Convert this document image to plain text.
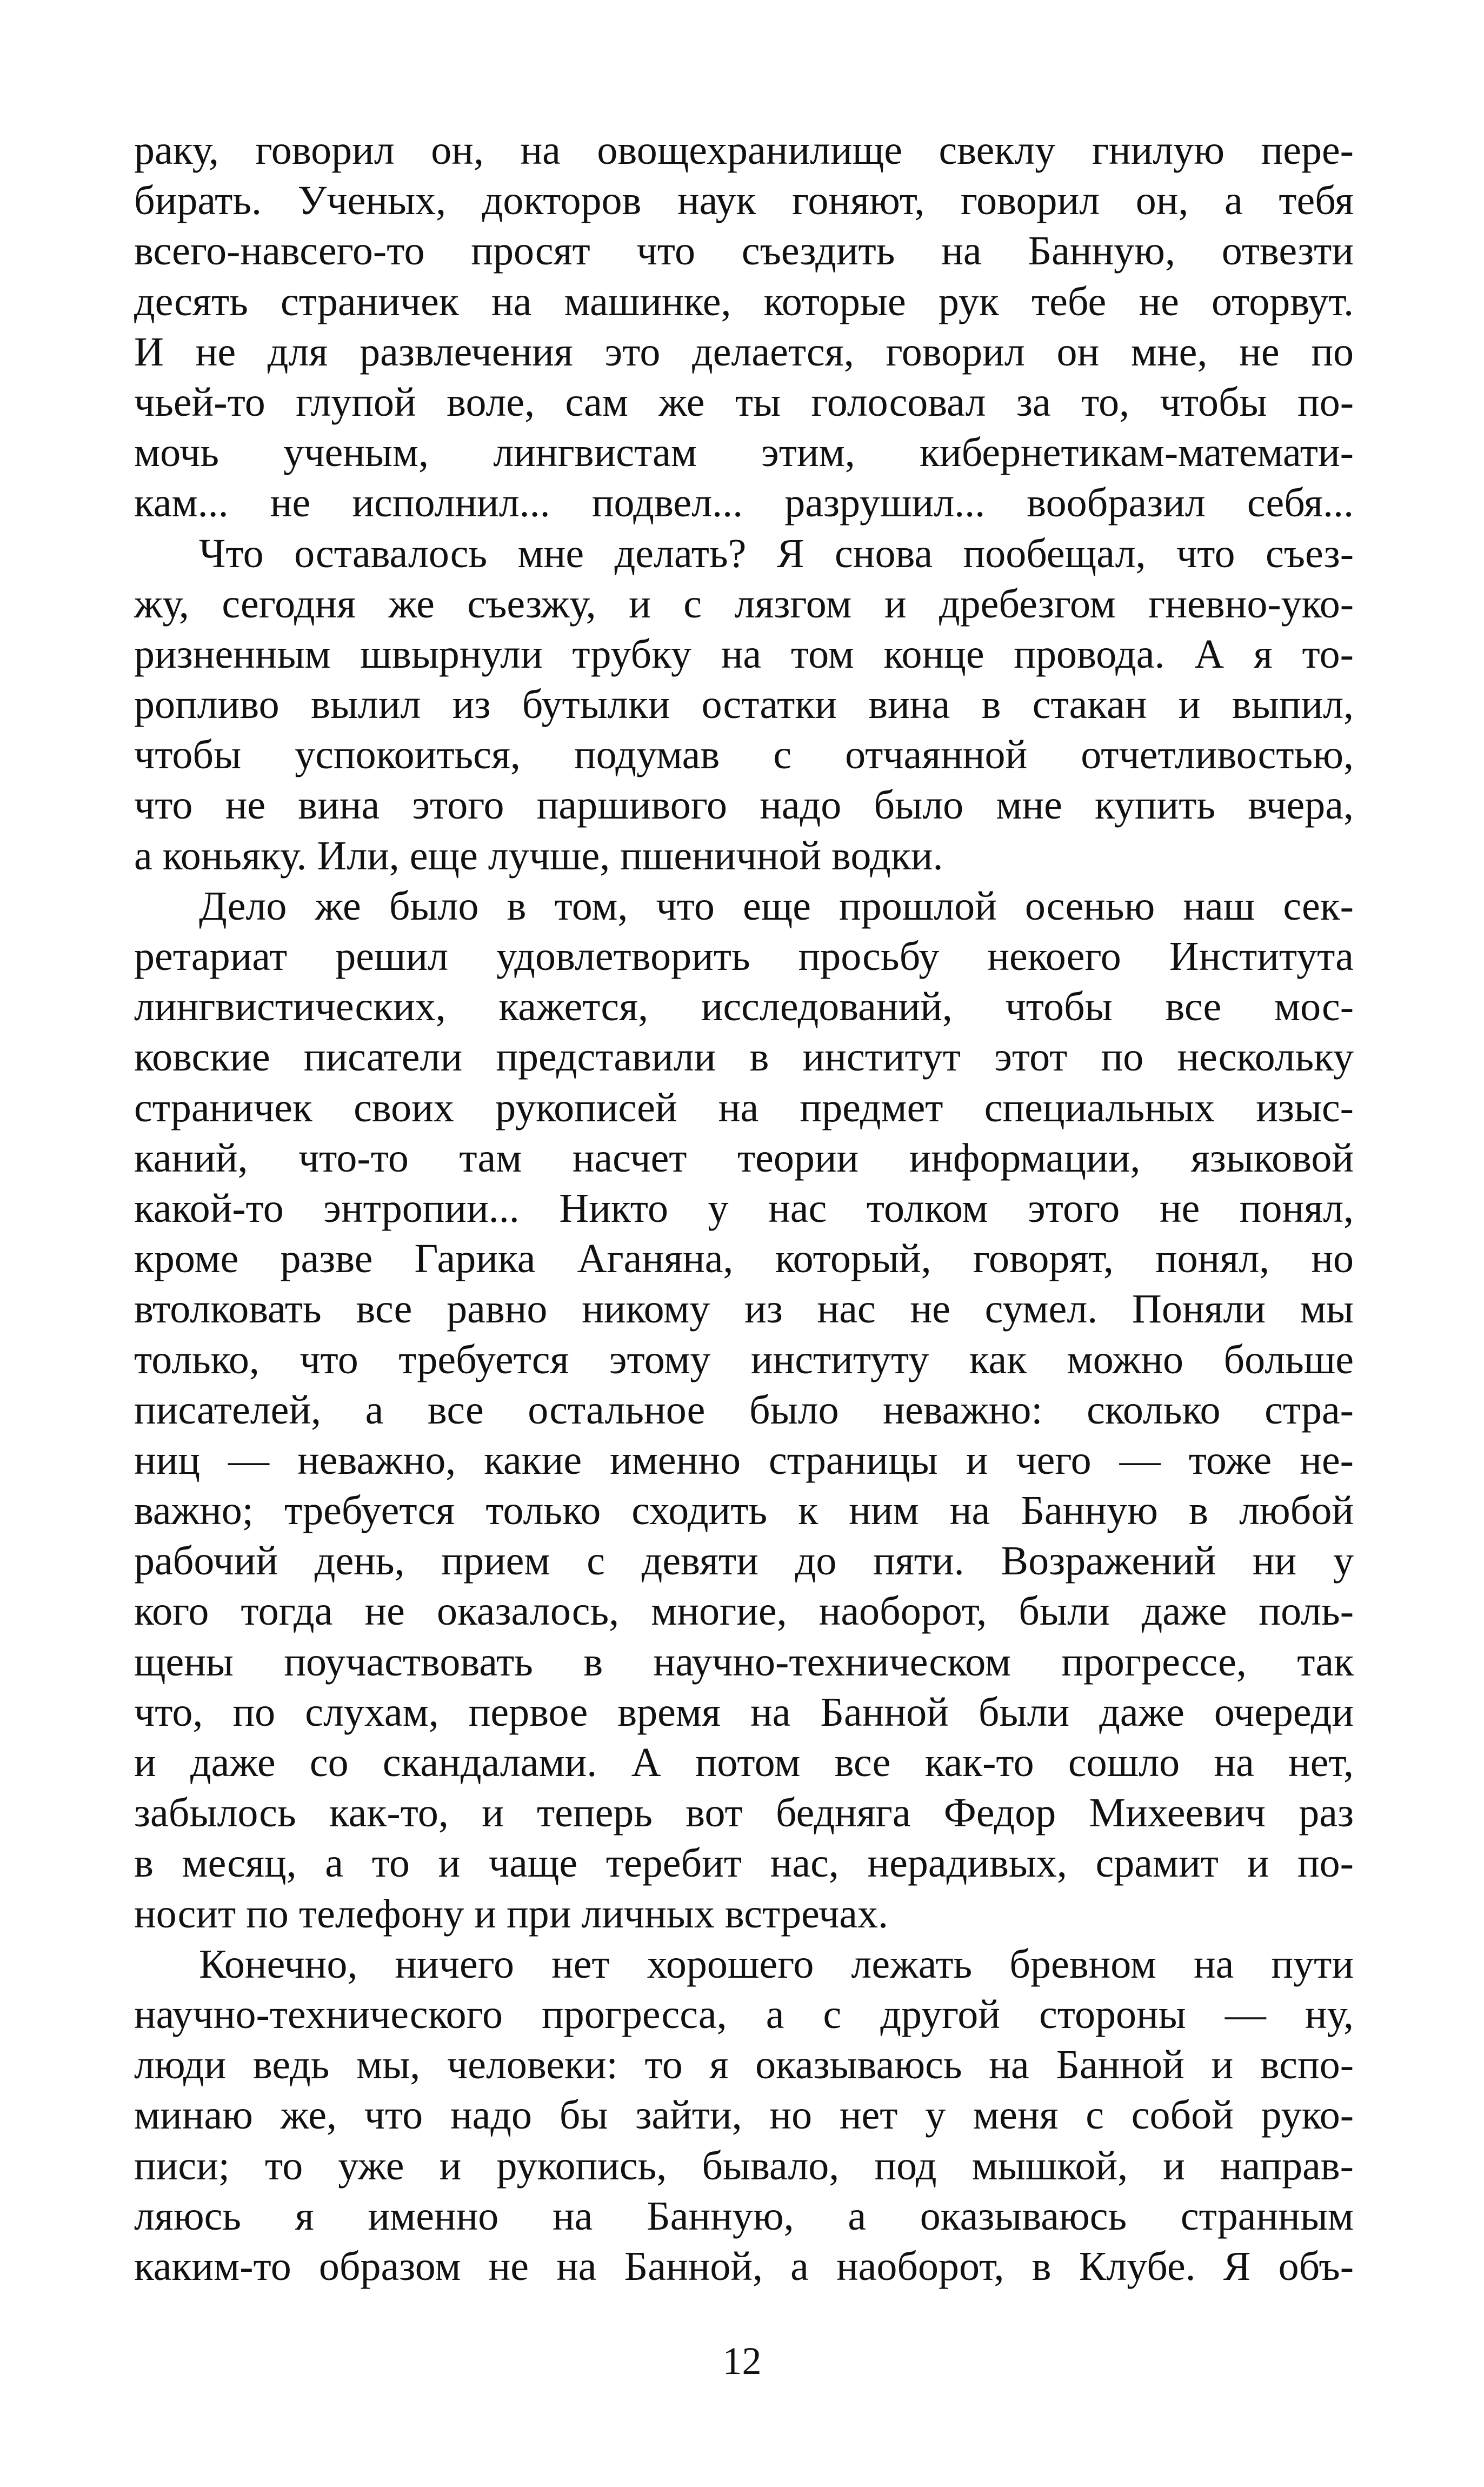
раку, говорил он, на овощехранилище свеклу гнилую пере-
бирать. Ученых, докторов наук гоняют, говорил он, а тебя
всего-навсего-то просят что съездить на Банную, отвезти
десять страничек на машинке, которые рук тебе не оторвут.
И не для развлечения это делается, говорил он мне, не по
чьей-то глупой воле, сам же ты голосовал за то, чтобы по-
мочь ученым, лингвистам этим, кибернетикам-математи-
кам... не исполнил... подвел... разрушил... вообразил себя...
Что оставалось мне делать? Я снова пообещал, что съез-
жу, сегодня же съезжу, и с лязгом и дребезгом гневно-уко-
ризненным швырнули трубку на том конце провода. А я то-
ропливо вылил из бутылки остатки вина в стакан и выпил,
чтобы успокоиться, подумав с отчаянной отчетливостью,
что не вина этого паршивого надо было мне купить вчера,
а коньяку. Или, еще лучше, пшеничной водки.
Дело же было в том, что еще прошлой осенью наш сек-
ретариат решил удовлетворить просьбу некоего Института
лингвистических, кажется, исследований, чтобы все мос-
ковские писатели представили в институт этот по нескольку
страничек своих рукописей на предмет специальных изыс-
каний, что-то там насчет теории информации, языковой
какой-то энтропии... Никто у нас толком этого не понял,
кроме разве Гарика Аганяна, который, говорят, понял, но
втолковать все равно никому из нас не сумел. Поняли мы
только, что требуется этому институту как можно больше
писателей, а все остальное было неважно: сколько стра-
ниц — неважно, какие именно страницы и чего — тоже не-
важно; требуется только сходить к ним на Банную в любой
рабочий день, прием с девяти до пяти. Возражений ни у
кого тогда не оказалось, многие, наоборот, были даже поль-
щены поучаствовать в научно-техническом прогрессе, так
что, по слухам, первое время на Банной были даже очереди
и даже со скандалами. А потом все как-то сошло на нет,
забылось как-то, и теперь вот бедняга Федор Михеевич раз
в месяц, а то и чаще теребит нас, нерадивых, срамит и по-
носит по телефону и при личных встречах.
Конечно, ничего нет хорошего лежать бревном на пути
научно-технического прогресса, а с другой стороны — ну,
люди ведь мы, человеки: то я оказываюсь на Банной и вспо-
минаю же, что надо бы зайти, но нет у меня с собой руко-
писи; то уже и рукопись, бывало, под мышкой, и направ-
ляюсь я именно на Банную, а оказываюсь странным
каким-то образом не на Банной, а наоборот, в Клубе. Я объ-
12
